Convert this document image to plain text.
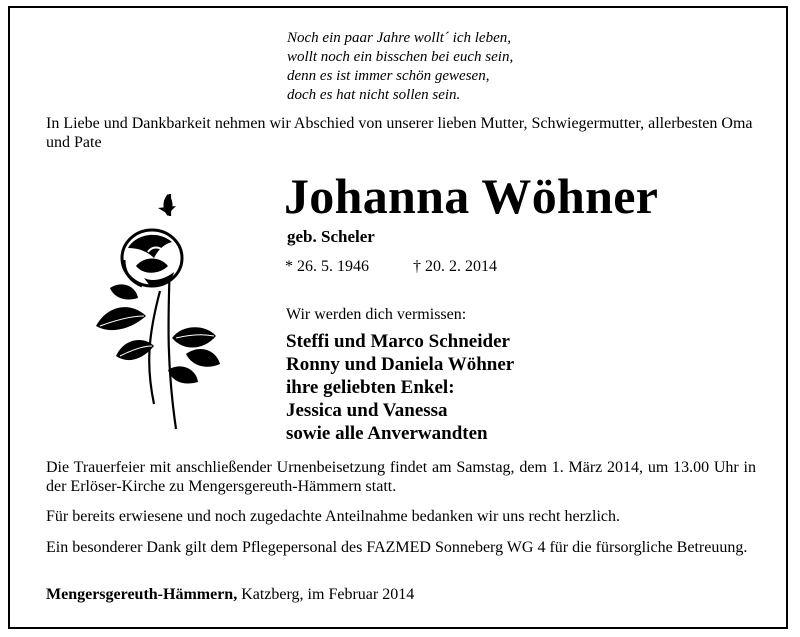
Noch ein paar Jahre wollt´ ich leben,
wollt noch ein bisschen bei euch sein,
denn es ist immer schön gewesen,
doch es hat nicht sollen sein.
In Liebe und Dankbarkeit nehmen wir Abschied von unserer lieben Mutter, Schwiegermutter, allerbesten Oma und Pate
Johanna Wöhner
geb. Scheler
* 26. 5. 1946	† 20. 2. 2014
Wir werden dich vermissen:
Steffi und Marco Schneider
Ronny und Daniela Wöhner
ihre geliebten Enkel:
Jessica und Vanessa
sowie alle Anverwandten
Die Trauerfeier mit anschließender Urnenbeisetzung findet am Samstag, dem 1. März 2014, um 13.00 Uhr in der Erlöser-Kirche zu Mengersgereuth-Hämmern statt.
Für bereits erwiesene und noch zugedachte Anteilnahme bedanken wir uns recht herzlich.
Ein besonderer Dank gilt dem Pflegepersonal des FAZMED Sonneberg WG 4 für die fürsorgliche Betreuung.
Mengersgereuth-Hämmern, Katzberg, im Februar 2014
